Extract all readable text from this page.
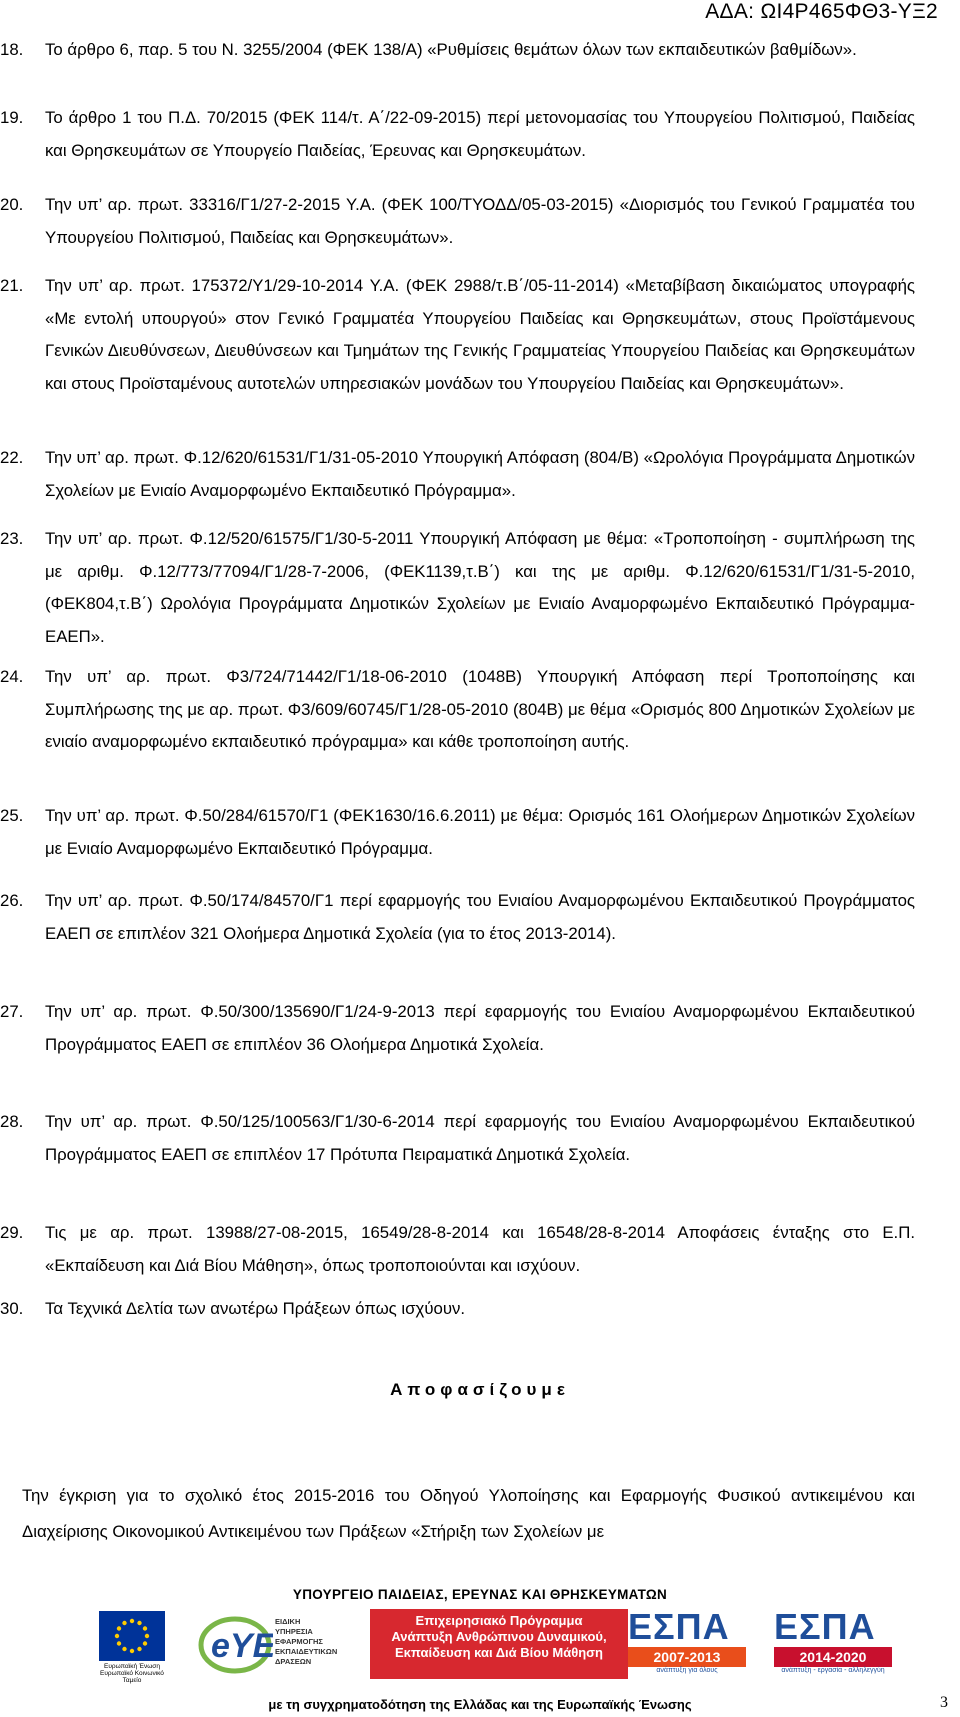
ΑΔΑ: ΩΙ4Ρ465ΦΘ3-ΥΞ2
18. Το άρθρο 6, παρ. 5 του Ν. 3255/2004 (ΦΕΚ 138/Α) «Ρυθμίσεις θεμάτων όλων των εκπαιδευτικών βαθμίδων».
19. Το άρθρο 1 του Π.Δ. 70/2015 (ΦΕΚ 114/τ. Α΄/22-09-2015) περί μετονομασίας του Υπουργείου Πολιτισμού, Παιδείας και Θρησκευμάτων σε Υπουργείο Παιδείας, Έρευνας και Θρησκευμάτων.
20. Την υπ’ αρ. πρωτ. 33316/Γ1/27-2-2015 Υ.Α. (ΦΕΚ 100/ΤΥΟΔΔ/05-03-2015) «Διορισμός του Γενικού Γραμματέα του Υπουργείου Πολιτισμού, Παιδείας και Θρησκευμάτων».
21. Την υπ’ αρ. πρωτ. 175372/Υ1/29-10-2014 Υ.Α. (ΦΕΚ 2988/τ.Β΄/05-11-2014) «Μεταβίβαση δικαιώματος υπογραφής «Με εντολή υπουργού» στον Γενικό Γραμματέα Υπουργείου Παιδείας και Θρησκευμάτων, στους Προϊστάμενους Γενικών Διευθύνσεων, Διευθύνσεων και Τμημάτων της Γενικής Γραμματείας Υπουργείου Παιδείας και Θρησκευμάτων και στους Προϊσταμένους αυτοτελών υπηρεσιακών μονάδων του Υπουργείου Παιδείας και Θρησκευμάτων».
22. Την υπ’ αρ. πρωτ. Φ.12/620/61531/Γ1/31-05-2010 Υπουργική Απόφαση (804/Β) «Ωρολόγια Προγράμματα Δημοτικών Σχολείων με Ενιαίο Αναμορφωμένο Εκπαιδευτικό Πρόγραμμα».
23. Την υπ’ αρ. πρωτ. Φ.12/520/61575/Γ1/30-5-2011 Υπουργική Απόφαση με θέμα: «Τροποποίηση - συμπλήρωση της με αριθμ. Φ.12/773/77094/Γ1/28-7-2006, (ΦΕΚ1139,τ.Β΄) και της με αριθμ. Φ.12/620/61531/Γ1/31-5-2010, (ΦΕΚ804,τ.Β΄) Ωρολόγια Προγράμματα Δημοτικών Σχολείων με Ενιαίο Αναμορφωμένο Εκπαιδευτικό Πρόγραμμα- ΕΑΕΠ».
24. Την υπ’ αρ. πρωτ. Φ3/724/71442/Γ1/18-06-2010 (1048Β) Υπουργική Απόφαση περί Τροποποίησης και Συμπλήρωσης της με αρ. πρωτ. Φ3/609/60745/Γ1/28-05-2010 (804Β) με θέμα «Ορισμός 800 Δημοτικών Σχολείων με ενιαίο αναμορφωμένο εκπαιδευτικό πρόγραμμα» και κάθε τροποποίηση αυτής.
25. Την υπ’ αρ. πρωτ. Φ.50/284/61570/Γ1 (ΦΕΚ1630/16.6.2011) με θέμα: Ορισμός 161 Ολοήμερων Δημοτικών Σχολείων με Ενιαίο Αναμορφωμένο Εκπαιδευτικό Πρόγραμμα.
26. Την υπ’ αρ. πρωτ. Φ.50/174/84570/Γ1 περί εφαρμογής του Ενιαίου Αναμορφωμένου Εκπαιδευτικού Προγράμματος ΕΑΕΠ σε επιπλέον 321 Ολοήμερα Δημοτικά Σχολεία (για το έτος 2013-2014).
27. Την υπ’ αρ. πρωτ. Φ.50/300/135690/Γ1/24-9-2013 περί εφαρμογής του Ενιαίου Αναμορφωμένου Εκπαιδευτικού Προγράμματος ΕΑΕΠ σε επιπλέον 36 Ολοήμερα Δημοτικά Σχολεία.
28. Την υπ’ αρ. πρωτ. Φ.50/125/100563/Γ1/30-6-2014 περί εφαρμογής του Ενιαίου Αναμορφωμένου Εκπαιδευτικού Προγράμματος ΕΑΕΠ σε επιπλέον 17 Πρότυπα Πειραματικά Δημοτικά Σχολεία.
29. Τις με αρ. πρωτ. 13988/27-08-2015, 16549/28-8-2014 και 16548/28-8-2014 Αποφάσεις ένταξης στο Ε.Π. «Εκπαίδευση και Διά Βίου Μάθηση», όπως τροποποιούνται και ισχύουν.
30. Τα Τεχνικά Δελτία των ανωτέρω Πράξεων όπως ισχύουν.
Αποφασίζουμε
Την έγκριση για το σχολικό έτος 2015-2016 του Οδηγού Υλοποίησης και Εφαρμογής Φυσικού αντικειμένου και Διαχείρισης Οικονομικού Αντικειμένου των Πράξεων «Στήριξη των Σχολείων με
ΥΠΟΥΡΓΕΙΟ ΠΑΙΔΕΙΑΣ, ΕΡΕΥΝΑΣ ΚΑΙ ΘΡΗΣΚΕΥΜΑΤΩΝ
Ευρωπαϊκή Ένωση
Ευρωπαϊκό Κοινωνικό Ταμείο
eYE
ΕΙΔΙΚΗ
ΥΠΗΡΕΣΙΑ
ΕΦΑΡΜΟΓΗΣ
ΕΚΠΑΙΔΕΥΤΙΚΩΝ
ΔΡΑΣΕΩΝ
Επιχειρησιακό Πρόγραμμα
Ανάπτυξη Ανθρώπινου Δυναμικού,
Εκπαίδευση και Διά Βίου Μάθηση
ΕΣΠΑ
2007-2013
ανάπτυξη για όλους
ΕΣΠΑ
2014-2020
ανάπτυξη - εργασία - αλληλεγγύη
με τη συγχρηματοδότηση της Ελλάδας και της Ευρωπαϊκής Ένωσης	3
